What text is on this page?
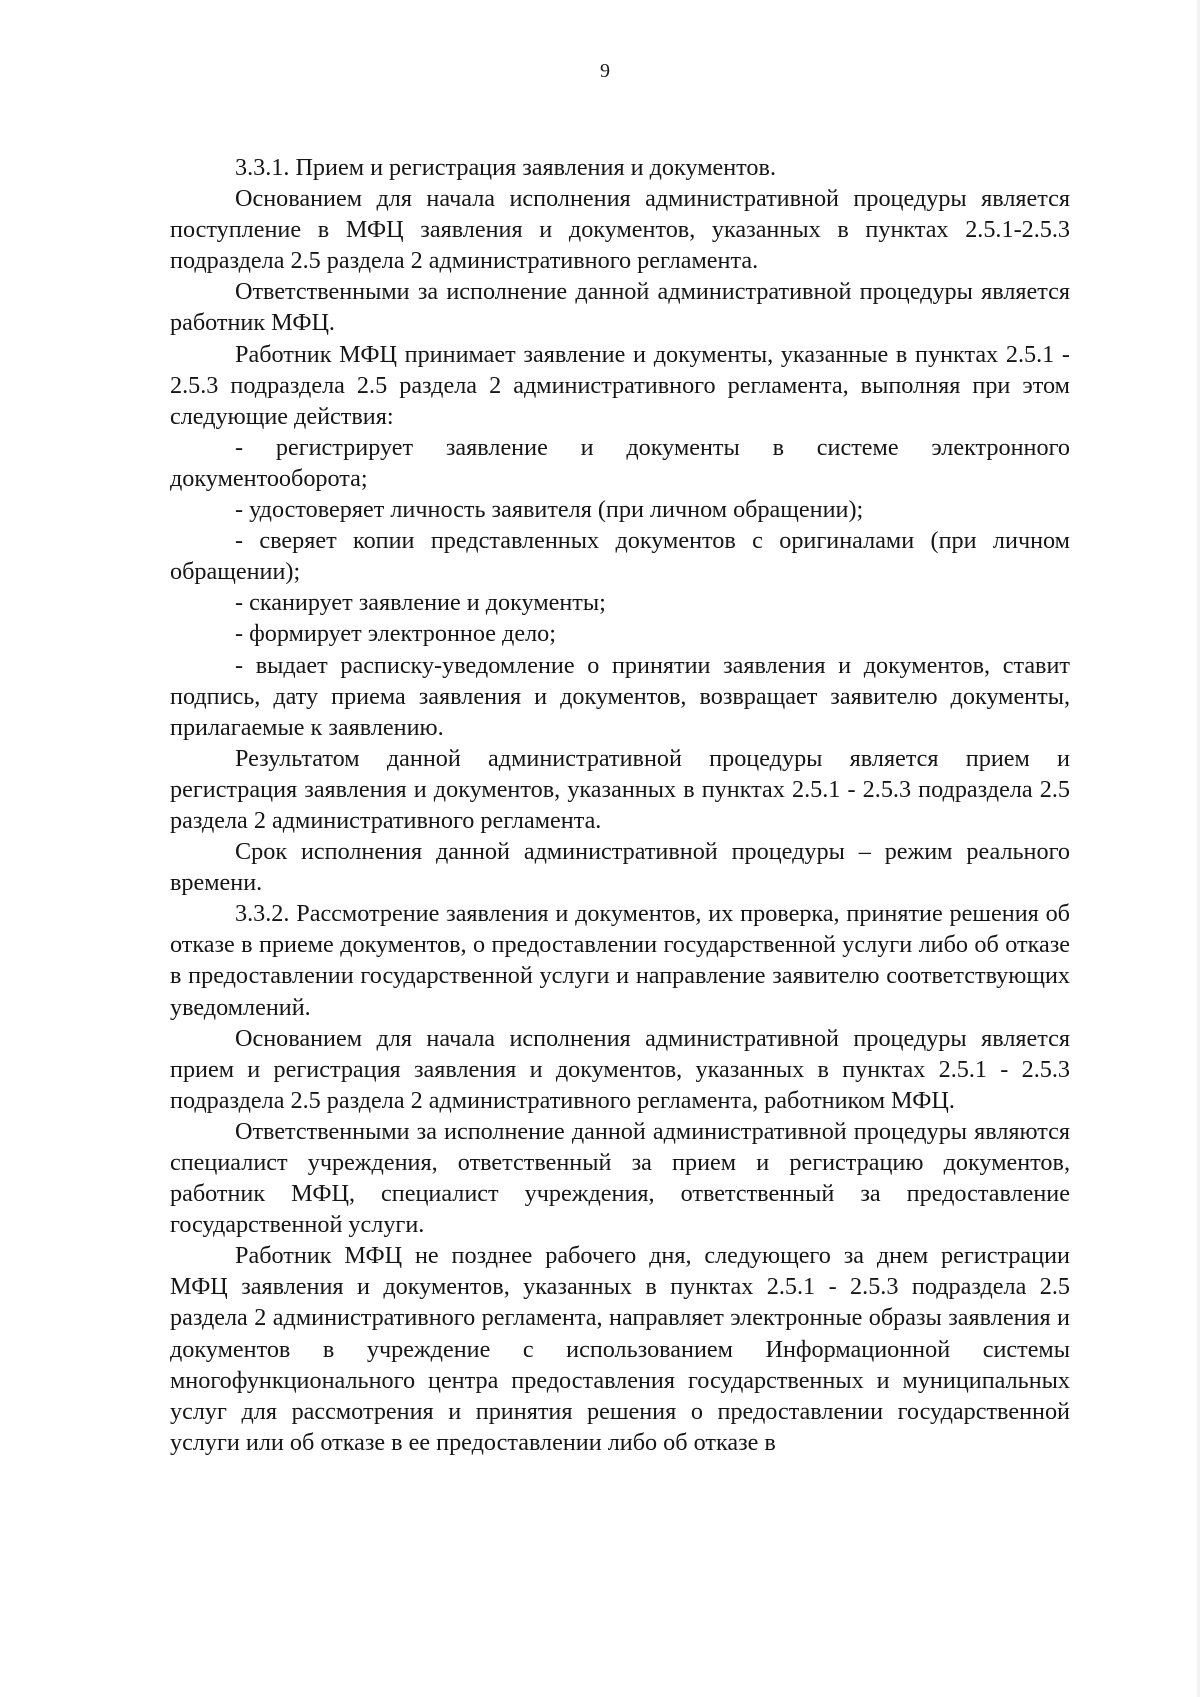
9

3.3.1. Прием и регистрация заявления и документов.

Основанием для начала исполнения административной процедуры является поступление в МФЦ заявления и документов, указанных в пунктах 2.5.1-2.5.3 подраздела 2.5 раздела 2 административного регламента.

Ответственными за исполнение данной административной процедуры является работник МФЦ.

Работник МФЦ принимает заявление и документы, указанные в пунктах 2.5.1 - 2.5.3 подраздела 2.5 раздела 2 административного регламента, выполняя при этом следующие действия:

- регистрирует заявление и документы в системе электронного документооборота;

- удостоверяет личность заявителя (при личном обращении);

- сверяет копии представленных документов с оригиналами (при личном обращении);

- сканирует заявление и документы;

- формирует электронное дело;

- выдает расписку-уведомление о принятии заявления и документов, ставит подпись, дату приема заявления и документов, возвращает заявителю документы, прилагаемые к заявлению.

Результатом данной административной процедуры является прием и регистрация заявления и документов, указанных в пунктах 2.5.1 - 2.5.3 подраздела 2.5 раздела 2 административного регламента.

Срок исполнения данной административной процедуры – режим реального времени.

3.3.2. Рассмотрение заявления и документов, их проверка, принятие решения об отказе в приеме документов, о предоставлении государственной услуги либо об отказе в предоставлении государственной услуги и направление заявителю соответствующих уведомлений.

Основанием для начала исполнения административной процедуры является прием и регистрация заявления и документов, указанных в пунктах 2.5.1 - 2.5.3 подраздела 2.5 раздела 2 административного регламента, работником МФЦ.

Ответственными за исполнение данной административной процедуры являются специалист учреждения, ответственный за прием и регистрацию документов, работник МФЦ, специалист учреждения, ответственный за предоставление государственной услуги.

Работник МФЦ не позднее рабочего дня, следующего за днем регистрации МФЦ заявления и документов, указанных в пунктах 2.5.1 - 2.5.3 подраздела 2.5 раздела 2 административного регламента, направляет электронные образы заявления и документов в учреждение с использованием Информационной системы многофункционального центра предоставления государственных и муниципальных услуг для рассмотрения и принятия решения о предоставлении государственной услуги или об отказе в ее предоставлении либо об отказе в
